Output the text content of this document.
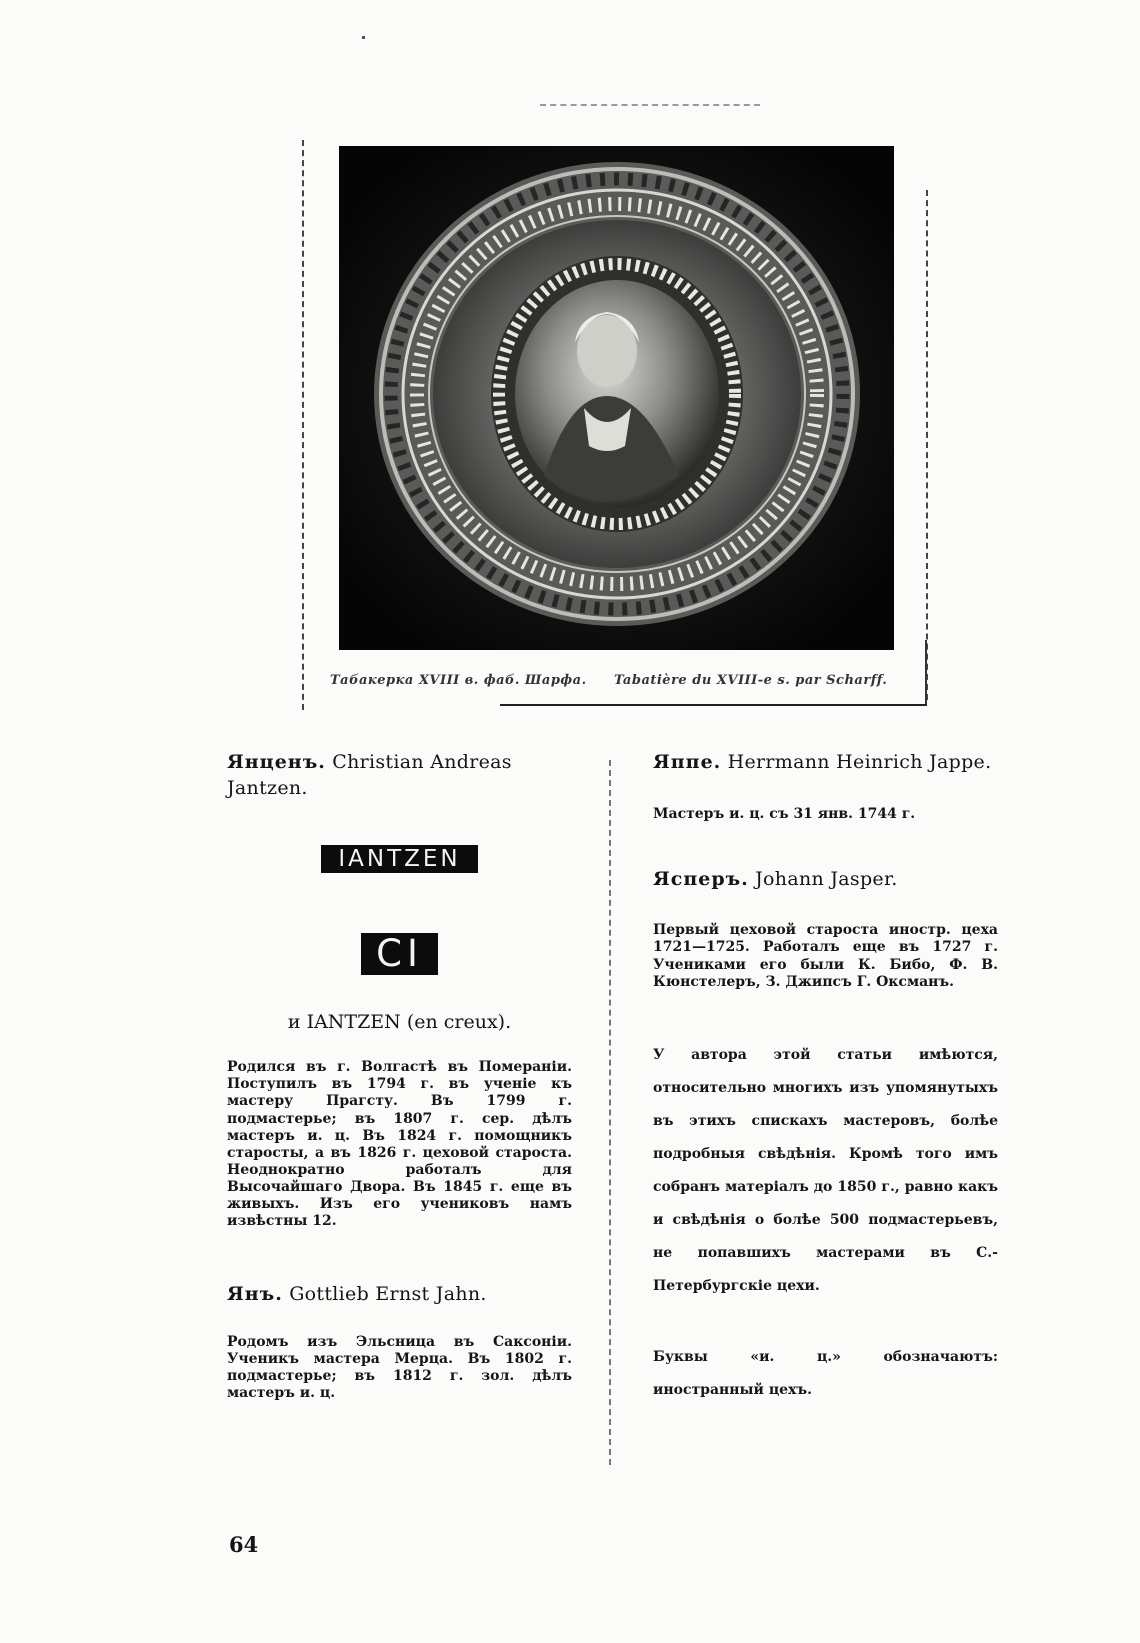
Табакерка XVIII в. фаб. Шарфа. Tabatière du XVIII-e s. par Scharff.
Янценъ. Christian Andreas Jantzen.
IANTZEN
CI
и IANTZEN (en creux).
Родился въ г. Волгастѣ въ Померанiи. Поступилъ въ 1794 г. въ ученiе къ мастеру Прагсту. Въ 1799 г. подмастерье; въ 1807 г. сер. дѣлъ мастеръ и. ц. Въ 1824 г. помощникъ старосты, а въ 1826 г. цеховой староста. Неоднократно работалъ для Высочайшаго Двора. Въ 1845 г. еще въ живыхъ. Изъ его учениковъ намъ извѣстны 12.
Янъ. Gottlieb Ernst Jahn.
Родомъ изъ Эльсница въ Саксонiи. Ученикъ мастера Мерца. Въ 1802 г. подмастерье; въ 1812 г. зол. дѣлъ мастеръ и. ц.
Яппе. Herrmann Heinrich Jappe.
Мастеръ и. ц. съ 31 янв. 1744 г.
Ясперъ. Johann Jasper.
Первый цеховой староста иностр. цеха 1721—1725. Работалъ еще въ 1727 г. Учениками его были К. Бибо, Ф. В. Кюнстелеръ, З. Джипсъ Г. Оксманъ.
У автора этой статьи имѣются, относительно многихъ изъ упомянутыхъ въ этихъ спискахъ мастеровъ, болѣе подробныя свѣдѣнiя. Кромѣ того имъ собранъ матерiалъ до 1850 г., равно какъ и свѣдѣнiя о болѣе 500 подмастерьевъ, не попавшихъ мастерами въ С.-Петербургскiе цехи.
Буквы «и. ц.» обозначаютъ: иностранный цехъ.
64
